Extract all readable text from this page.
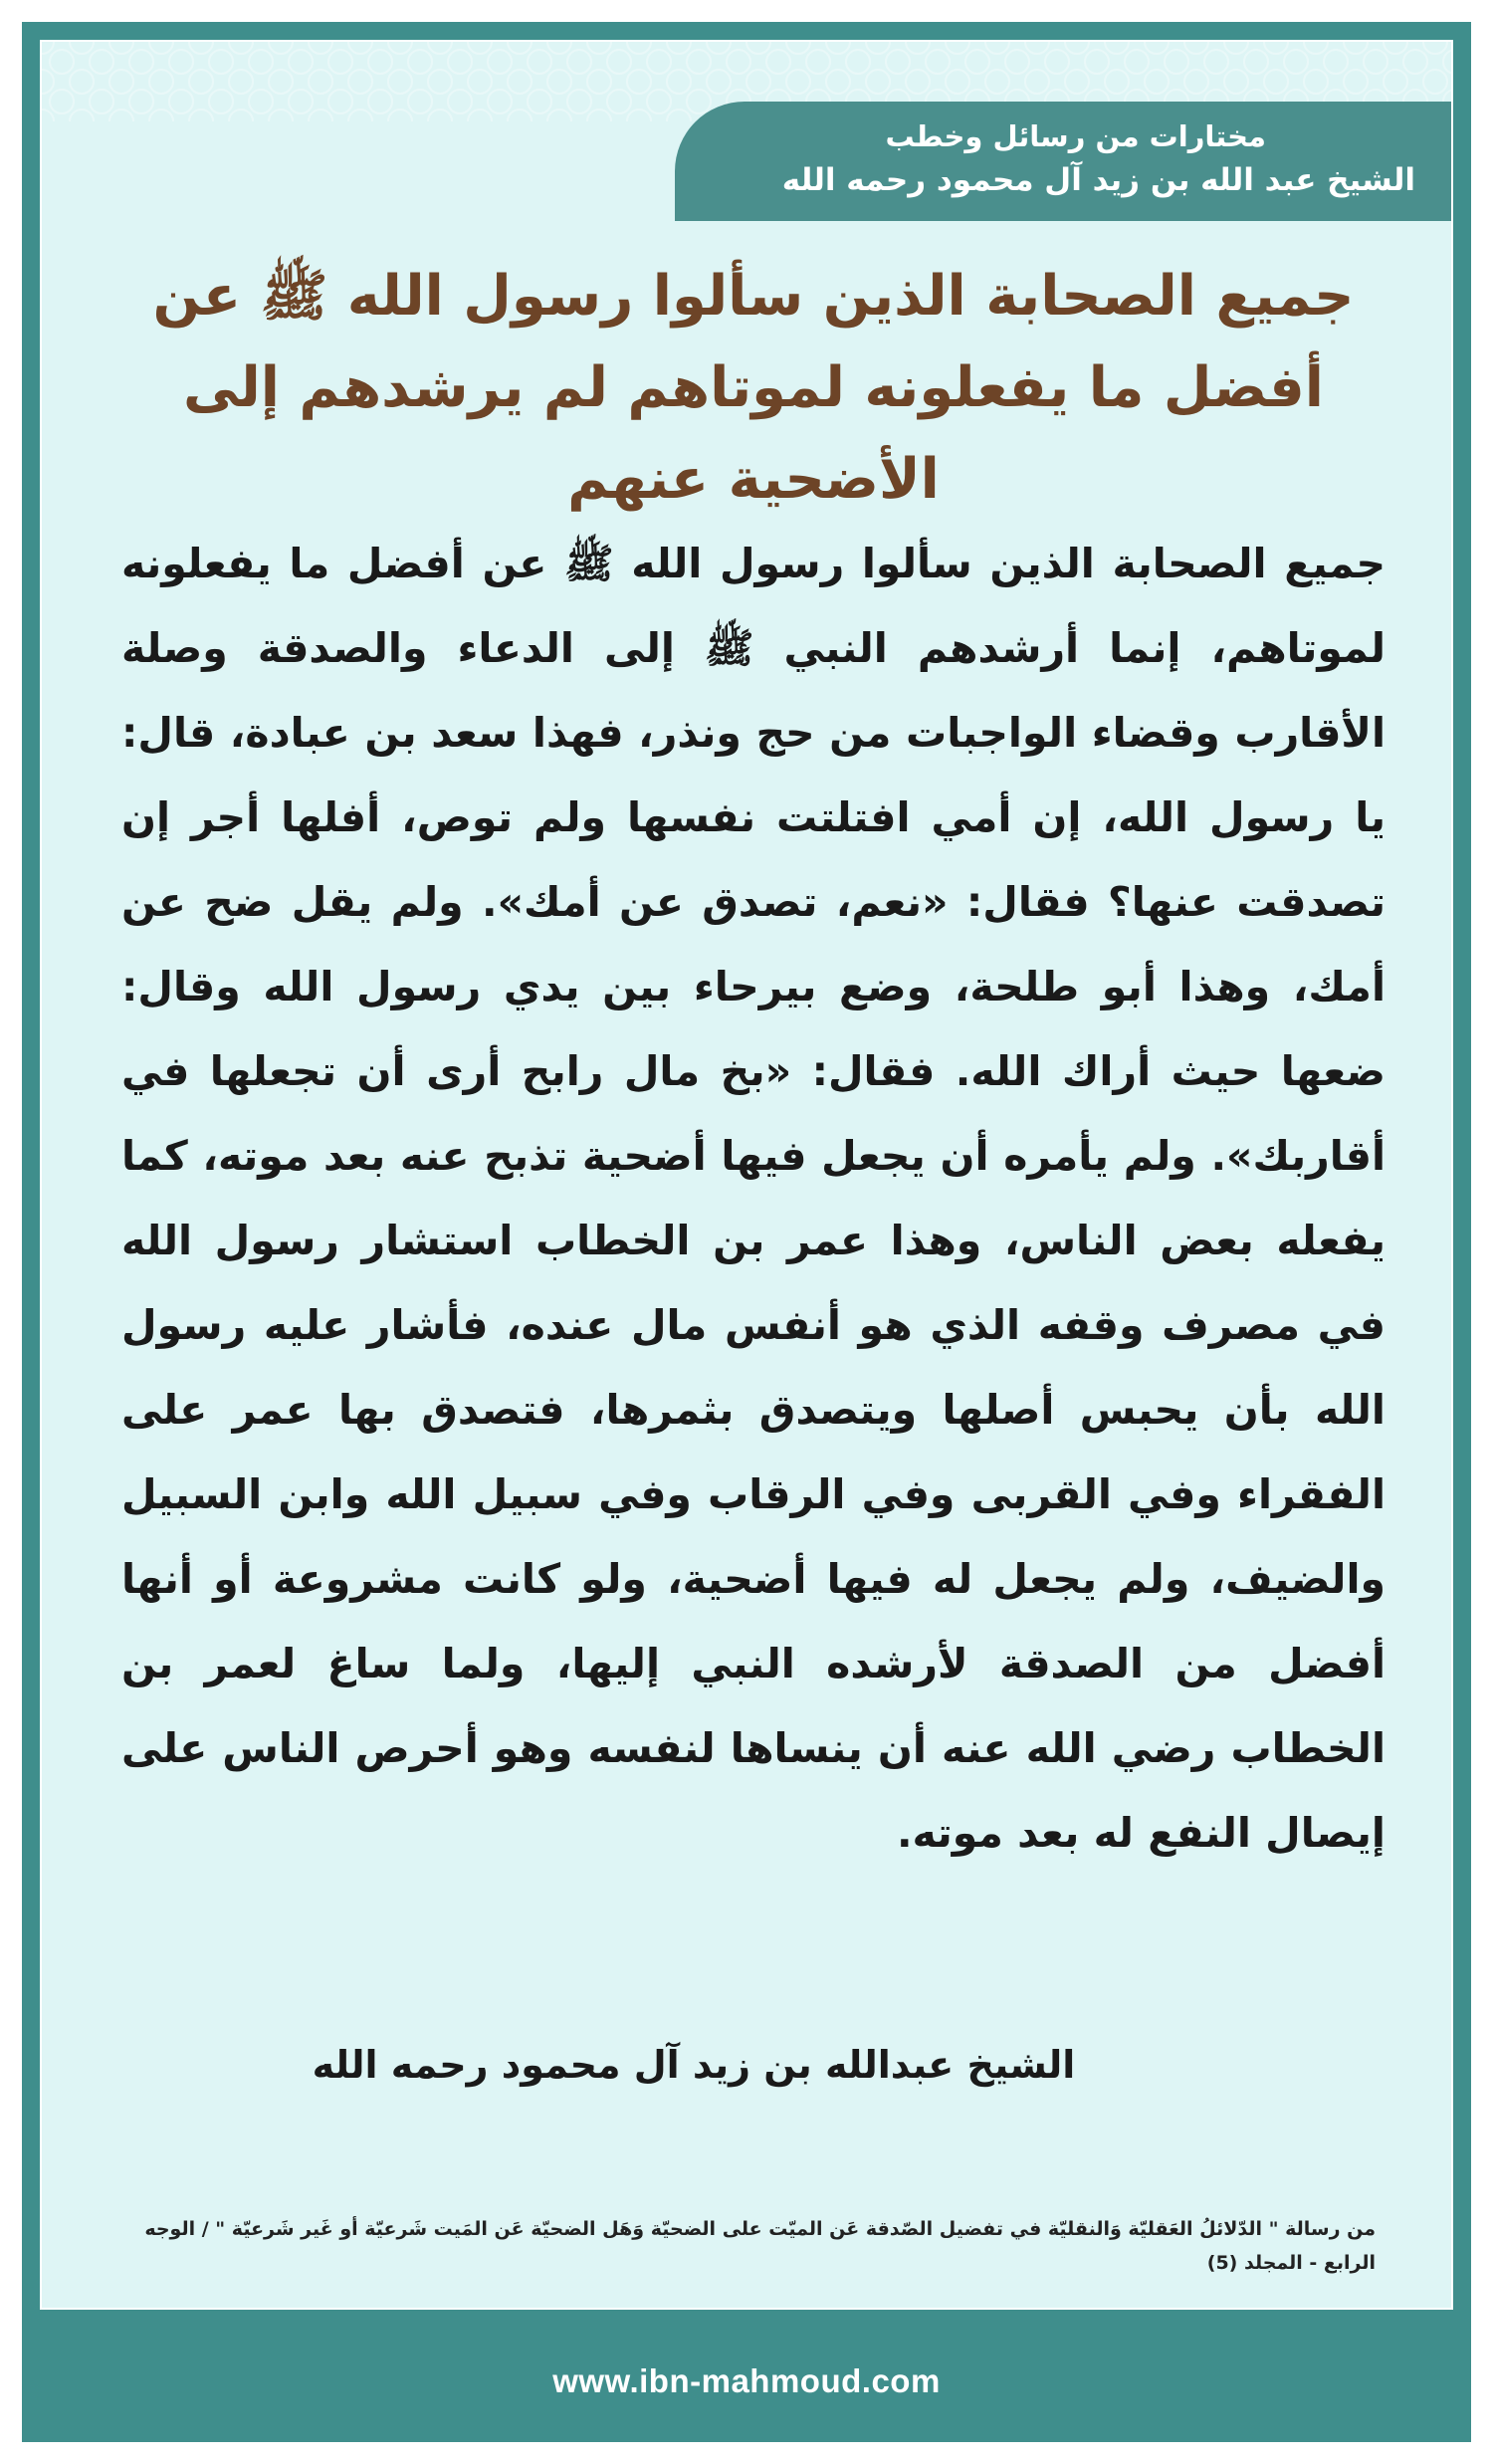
مختارات من رسائل وخطب
الشيخ عبد الله بن زيد آل محمود رحمه الله
جميع الصحابة الذين سألوا رسول الله ﷺ عن أفضل ما يفعلونه لموتاهم لم يرشدهم إلى الأضحية عنهم
جميع الصحابة الذين سألوا رسول الله ﷺ عن أفضل ما يفعلونه لموتاهم، إنما أرشدهم النبي ﷺ إلى الدعاء والصدقة وصلة الأقارب وقضاء الواجبات من حج ونذر، فهذا سعد بن عبادة، قال: يا رسول الله، إن أمي افتلتت نفسها ولم توص، أفلها أجر إن تصدقت عنها؟ فقال: «نعم، تصدق عن أمك». ولم يقل ضح عن أمك، وهذا أبو طلحة، وضع بيرحاء بين يدي رسول الله وقال: ضعها حيث أراك الله. فقال: «بخ مال رابح أرى أن تجعلها في أقاربك». ولم يأمره أن يجعل فيها أضحية تذبح عنه بعد موته، كما يفعله بعض الناس، وهذا عمر بن الخطاب استشار رسول الله في مصرف وقفه الذي هو أنفس مال عنده، فأشار عليه رسول الله بأن يحبس أصلها ويتصدق بثمرها، فتصدق بها عمر على الفقراء وفي القربى وفي الرقاب وفي سبيل الله وابن السبيل والضيف، ولم يجعل له فيها أضحية، ولو كانت مشروعة أو أنها أفضل من الصدقة لأرشده النبي إليها، ولما ساغ لعمر بن الخطاب رضي الله عنه أن ينساها لنفسه وهو أحرص الناس على إيصال النفع له بعد موته.
الشيخ عبدالله بن زيد آل محمود رحمه الله
من رسالة " الدّلائلُ العَقليّة وَالنقليّة في تفضيل الصّدقة عَن الميّت على الضحيّة وَهَل الضحيّة عَن المَيت شَرعيّة أو غَير شَرعيّة " / الوجه الرابع - المجلد (5)
www.ibn-mahmoud.com
